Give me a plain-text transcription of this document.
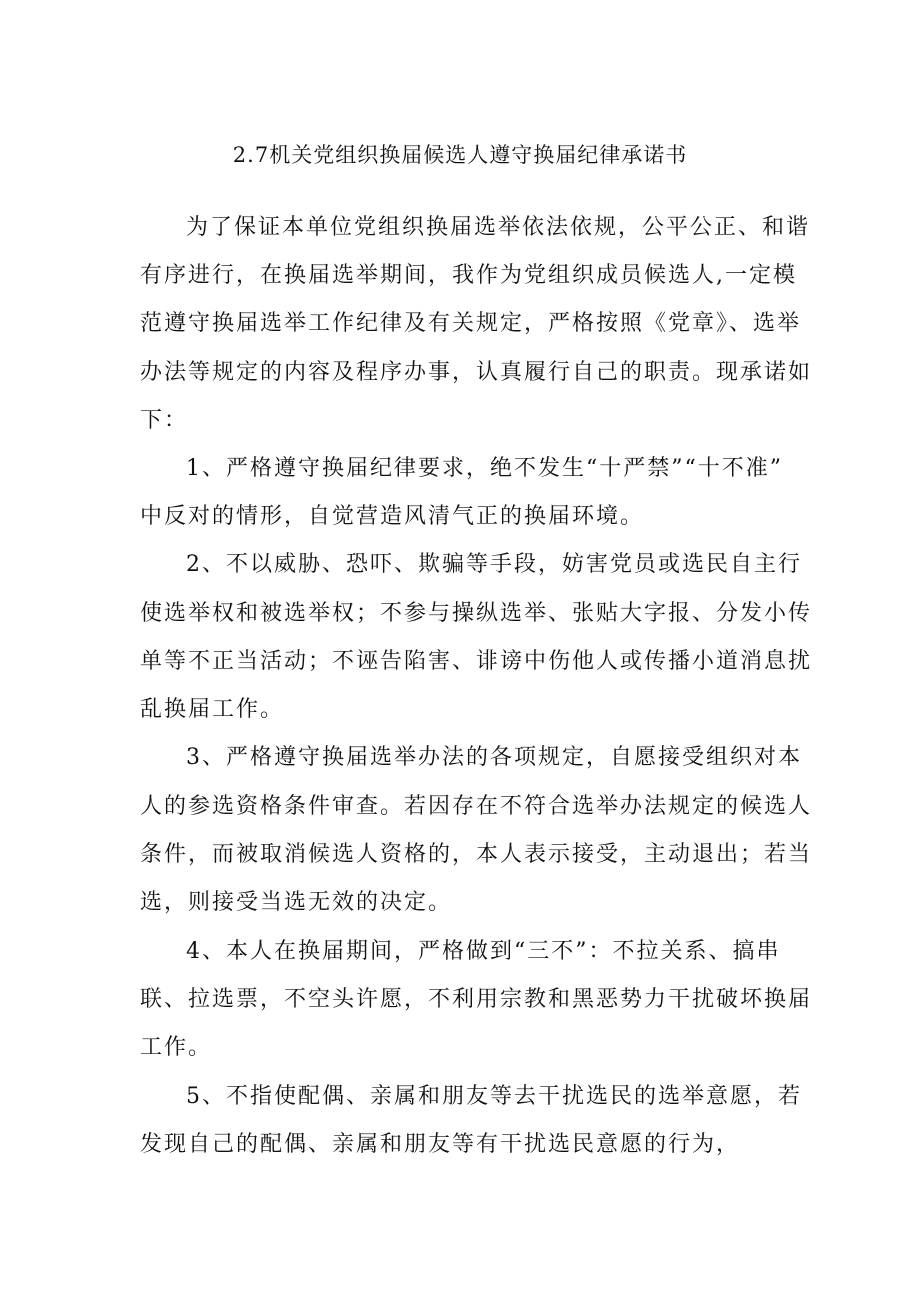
2.7机关党组织换届候选人遵守换届纪律承诺书
为了保证本单位党组织换届选举依法依规，公平公正、和谐
有序进行，在换届选举期间，我作为党组织成员候选人,一定模
范遵守换届选举工作纪律及有关规定，严格按照《党章》、选举
办法等规定的内容及程序办事，认真履行自己的职责。现承诺如
下：
1、严格遵守换届纪律要求，绝不发生“十严禁”“十不准”
中反对的情形，自觉营造风清气正的换届环境。
2、不以威胁、恐吓、欺骗等手段，妨害党员或选民自主行
使选举权和被选举权；不参与操纵选举、张贴大字报、分发小传
单等不正当活动；不诬告陷害、诽谤中伤他人或传播小道消息扰
乱换届工作。
3、严格遵守换届选举办法的各项规定，自愿接受组织对本
人的参选资格条件审查。若因存在不符合选举办法规定的候选人
条件，而被取消候选人资格的，本人表示接受，主动退出；若当
选，则接受当选无效的决定。
4、本人在换届期间，严格做到“三不”：不拉关系、搞串
联、拉选票，不空头许愿，不利用宗教和黑恶势力干扰破坏换届
工作。
5、不指使配偶、亲属和朋友等去干扰选民的选举意愿，若
发现自己的配偶、亲属和朋友等有干扰选民意愿的行为，
